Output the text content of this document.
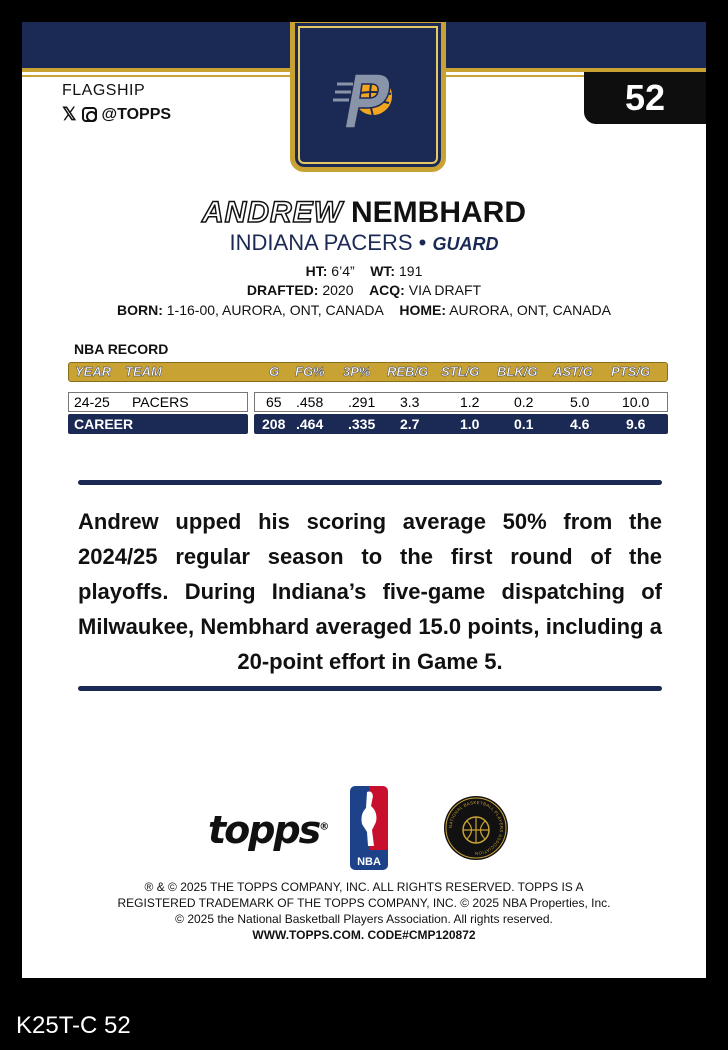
52
FLAGSHIP
𝕏 @TOPPS
ANDREW NEMBHARD
INDIANA PACERS • GUARD
HT: 6’4” WT: 191
DRAFTED: 2020 ACQ: VIA DRAFT
BORN: 1-16-00, AURORA, ONT, CANADA HOME: AURORA, ONT, CANADA
NBA RECORD
YEAR TEAM	G FG% 3P% REB/G STL/G BLK/G AST/G PTS/G
24-25 PACERS	65 .458 .291 3.3	1.2 0.2	5.0 10.0
CAREER	208 .464 .335 2.7	1.0 0.1	4.6	9.6
Andrew upped his scoring average 50% from the 2024/25 regular season to the first round of the playoffs. During Indiana’s five-game dispatching of Milwaukee, Nembhard averaged 15.0 points, including a 20-point effort in Game 5.
topps®
NBA
NATIONAL BASKETBALL PLAYERS ASSOCIATION
® & © 2025 THE TOPPS COMPANY, INC. ALL RIGHTS RESERVED. TOPPS IS A
REGISTERED TRADEMARK OF THE TOPPS COMPANY, INC. © 2025 NBA Properties, Inc.
© 2025 the National Basketball Players Association. All rights reserved.
WWW.TOPPS.COM. CODE#CMP120872
K25T-C 52
